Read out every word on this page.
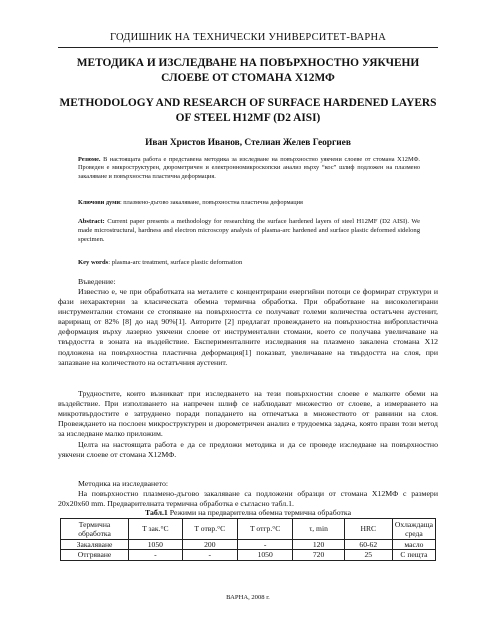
ГОДИШНИК НА ТЕХНИЧЕСКИ УНИВЕРСИТЕТ-ВАРНА
МЕТОДИКА И ИЗСЛЕДВАНЕ НА ПОВЪРХНОСТНО УЯКЧЕНИ СЛОЕВЕ ОТ СТОМАНА Х12МФ
METHODOLOGY AND RESEARCH OF SURFACE HARDENED LAYERS OF STEEL H12MF (D2 AISI)
Иван Христов Иванов, Стелиан Желев Георгиев
Резюме. В настоящата работа е представена методика за изследване на повърхностно уякчени слоеве от стомана Х12МФ. Проведен е микроструктурен, дюрометричен и електронномикроскопски анализ върху “кос” шлиф подложен на плазмено закаляване и повърхностна пластична деформация.
Ключови думи: плазмено-дъгово закаляване, повърхностна пластична деформация
Abstract: Current paper presents a methodology for researching the surface hardened layers of steel H12MF (D2 AISI). We made microstructural, hardness and electron microscopy analysis of plasma-arc hardened and surface plastic deformed sidelong specimen.
Key words: plasma-arc treatment, surface plastic deformation
Въведение:
Известно е, че при обработката на металите с концентрирани енергийни потоци се формират структури и фази нехарактерни за класическата обемна термична обработка. При обработване на високолегирани инструментални стомани се стопяване на повърхността се получават големи количества остатъчен аустенит, варириащ от 82% [8] до над 90%[1]. Авторите [2] предлагат провеждането на повърхностна вибропластична деформация върху лазерно уякчени слоеве от инструментални стомани, което се получава увеличаване на твърдостта в зоната на въздействие. Експерименталните изследвания на плазмено закалена стомана Х12 подложена на повърхностна пластична деформация[1] показват, увеличаване на твърдостта на слоя, при запазване на количеството на остатъчния аустенит.
Трудностите, които възникват при изследването на тези повърхностни слоеве е малките обеми на въздействие. При използването на напречен шлиф се наблюдават множество от слоеве, а измерването на микротвърдостите е затруднено поради попадането на отпечатъка в множеството от равнини на слоя. Провеждането на послоен микроструктурен и дюрометричен анализ е трудоемка задача, която прави този метод за изследване малко приложим.
Целта на настоящата работа е да се предложи методика и да се проведе изследване на повърхностно уякчени слоеве от стомана Х12МФ.
Методика на изследването:
На повърхностно плазмено-дъгово закаляване са подложени образци от стомана Х12МФ с размери 20х20х60 mm. Предварителната термична обработка е съгласно табл.1.
Табл.1 Режими на предварителна обемна термична обработка
Термична обработка	T зак.°C	T отвр.°C	T отгр.°C	τ, min	HRC	Охлаждаща среда
Закаляване	1050	200	-	120	60-62	масло
Отгряване	-	-	1050	720	25	С пещта
ВАРНА, 2008 г.
